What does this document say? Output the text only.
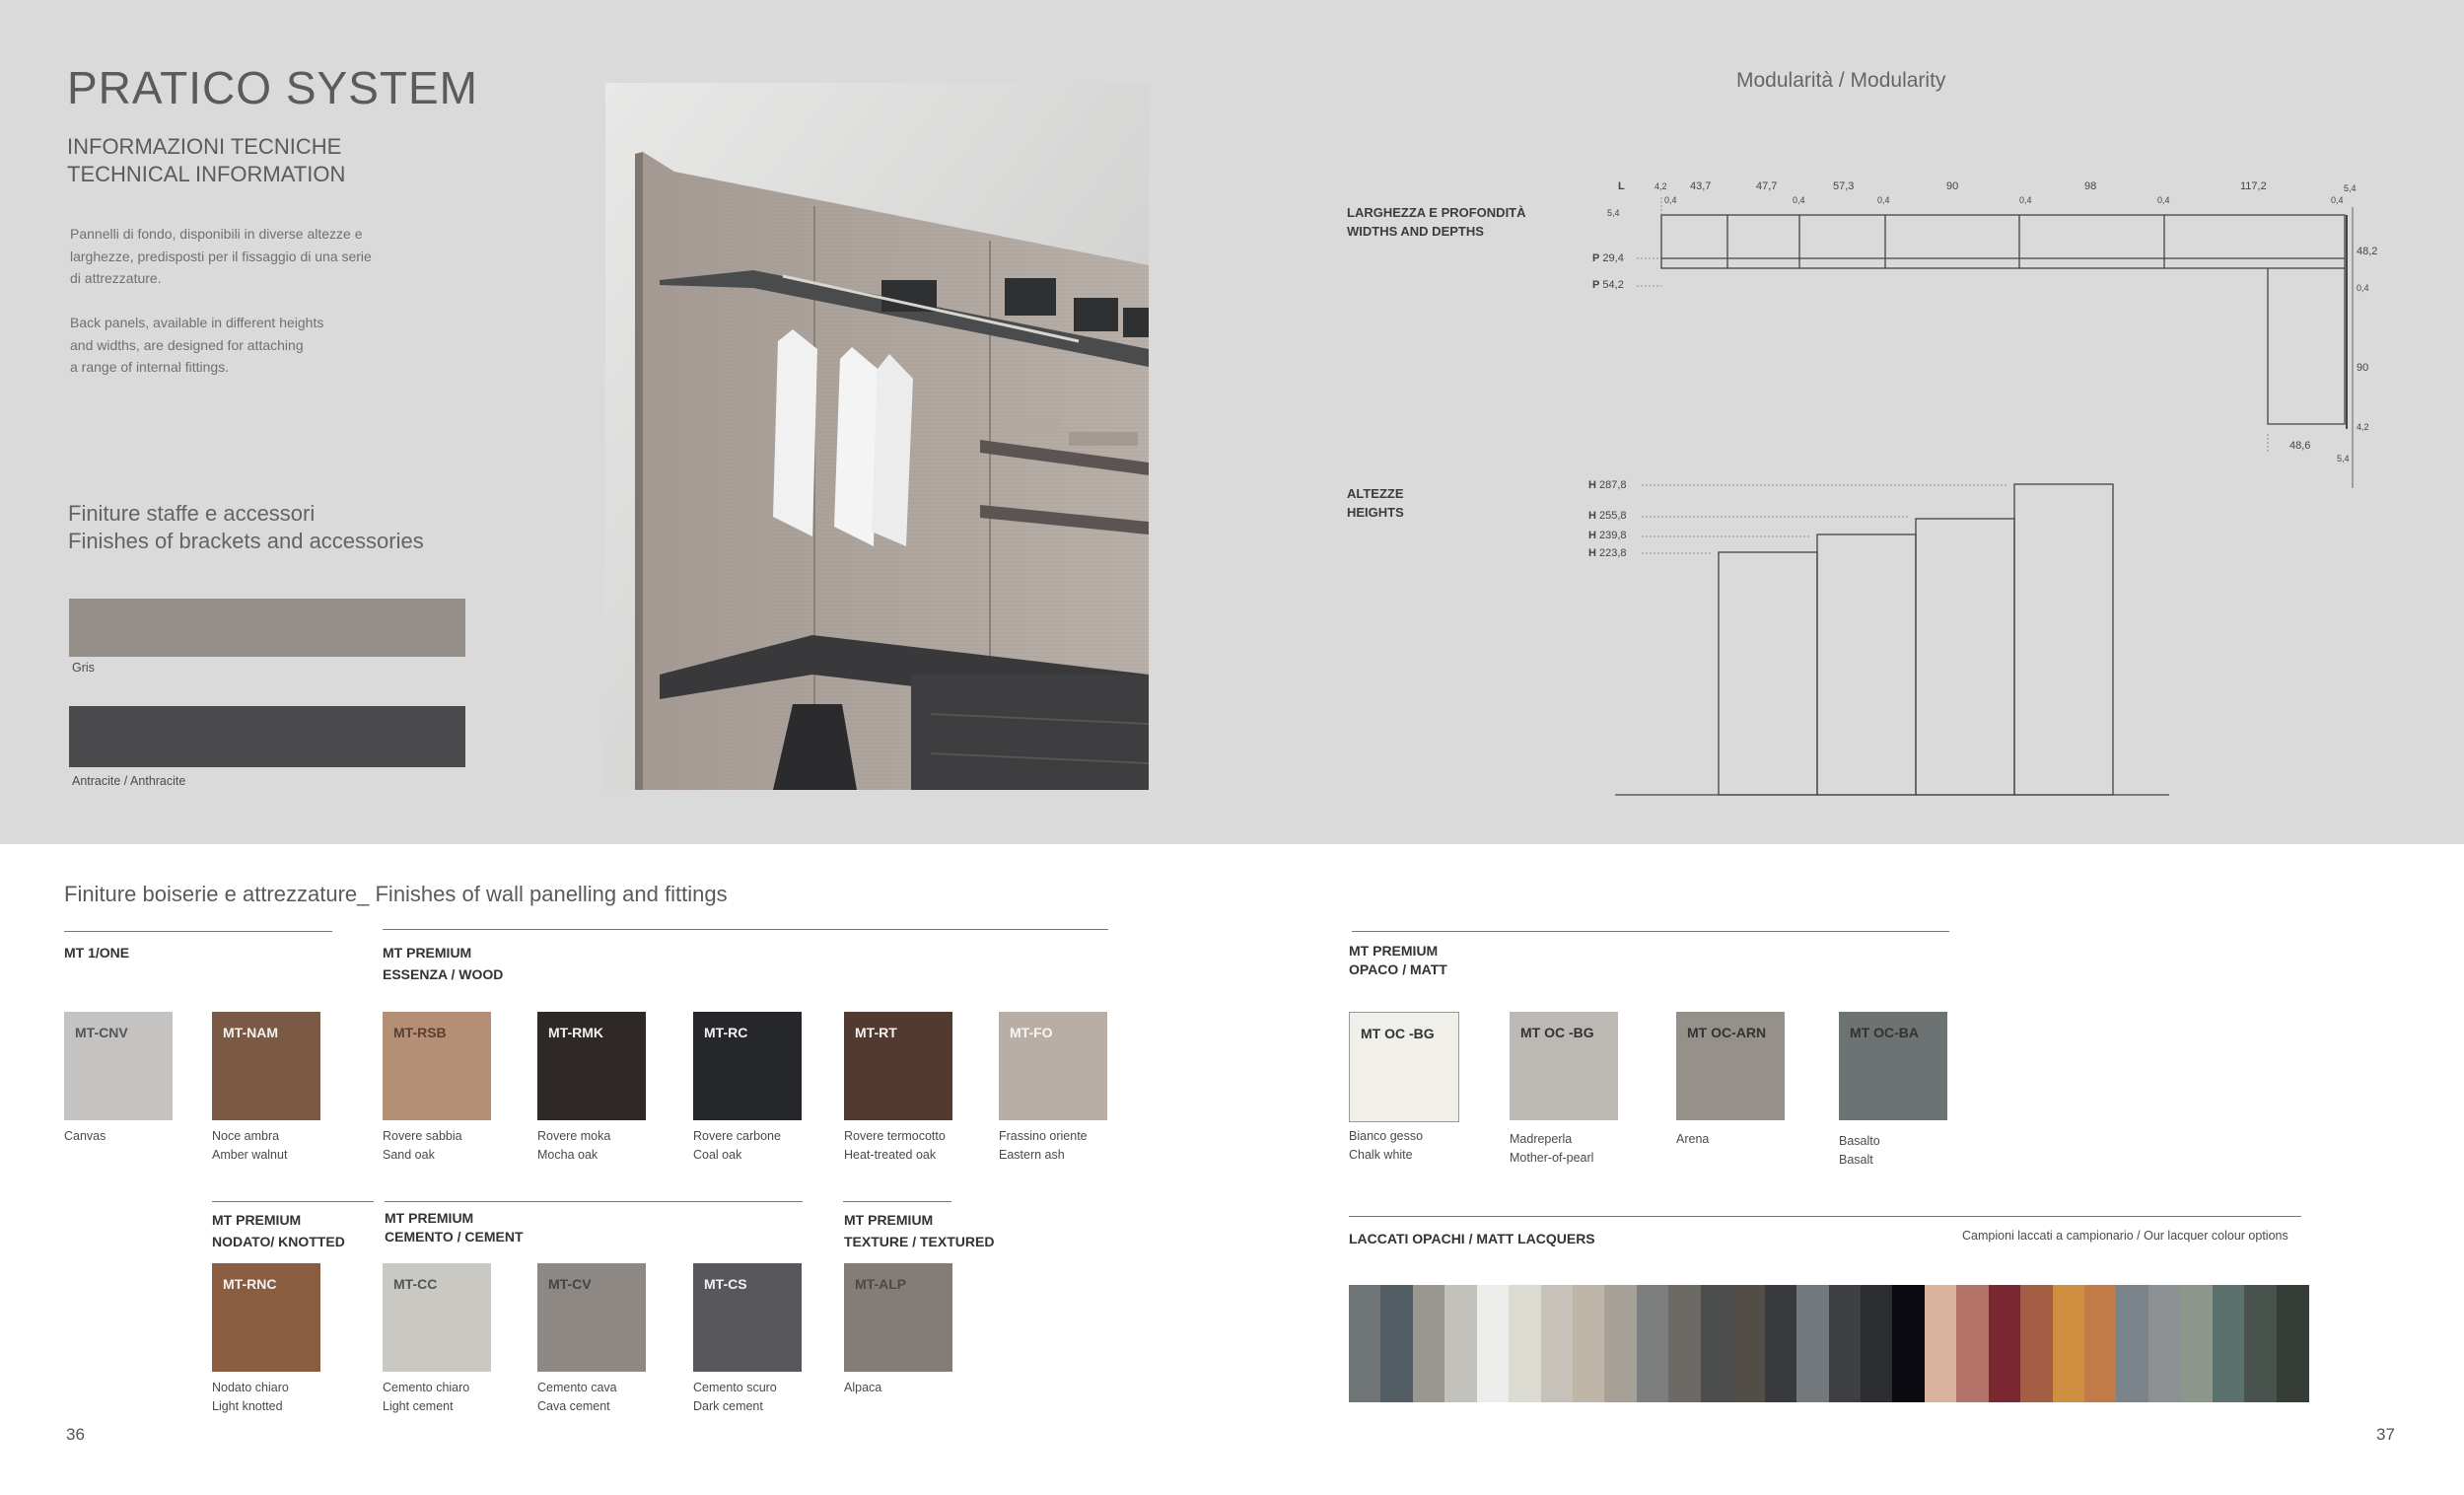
PRATICO SYSTEM
INFORMAZIONI TECNICHE
TECHNICAL INFORMATION
Pannelli di fondo, disponibili in diverse altezze e
larghezze, predisposti per il fissaggio di una serie
di attrezzature.
Back panels, available in different heights
and widths, are designed for attaching
a range of internal fittings.
Finiture staffe e accessori
Finishes of brackets and accessories
Gris
Antracite / Anthracite
Modularità / Modularity
LARGHEZZA E PROFONDITÀ
WIDTHS AND DEPTHS
ALTEZZE
HEIGHTS
L	4,2 43,7	47,7	57,3	90	98	117,2	5,4
0,4	0,4	0,4	0,4	0,4	0,4
5,4
P 29,4
P 54,2
48,2
0,4
90
4,2
48,6
5,4
H 287,8
H 255,8
H 239,8
H 223,8
Finiture boiserie e attrezzature_ Finishes of wall panelling and fittings
MT 1/ONE	MT PREMIUM
ESSENZA / WOOD
MT PREMIUM
OPACO / MATT
MT-CNV
Canvas
MT-NAM
Noce ambra
Amber walnut
MT-RSB
Rovere sabbia
Sand oak
MT-RMK
Rovere moka
Mocha oak
MT-RC
Rovere carbone
Coal oak
MT-RT
Rovere termocotto
Heat-treated oak
MT-FO
Frassino oriente
Eastern ash
MT OC -BG
Bianco gesso
Chalk white
MT OC -BG
Madreperla
Mother-of-pearl
MT OC-ARN
Arena
MT OC-BA
Basalto
Basalt
MT PREMIUM
NODATO/ KNOTTED
MT PREMIUM
CEMENTO / CEMENT
MT PREMIUM
TEXTURE / TEXTURED
MT-RNC
Nodato chiaro
Light knotted
MT-CC
Cemento chiaro
Light cement
MT-CV
Cemento cava
Cava cement
MT-CS
Cemento scuro
Dark cement
MT-ALP
Alpaca
LACCATI OPACHI / MATT LACQUERS	Campioni laccati a campionario / Our lacquer colour options
36	37
